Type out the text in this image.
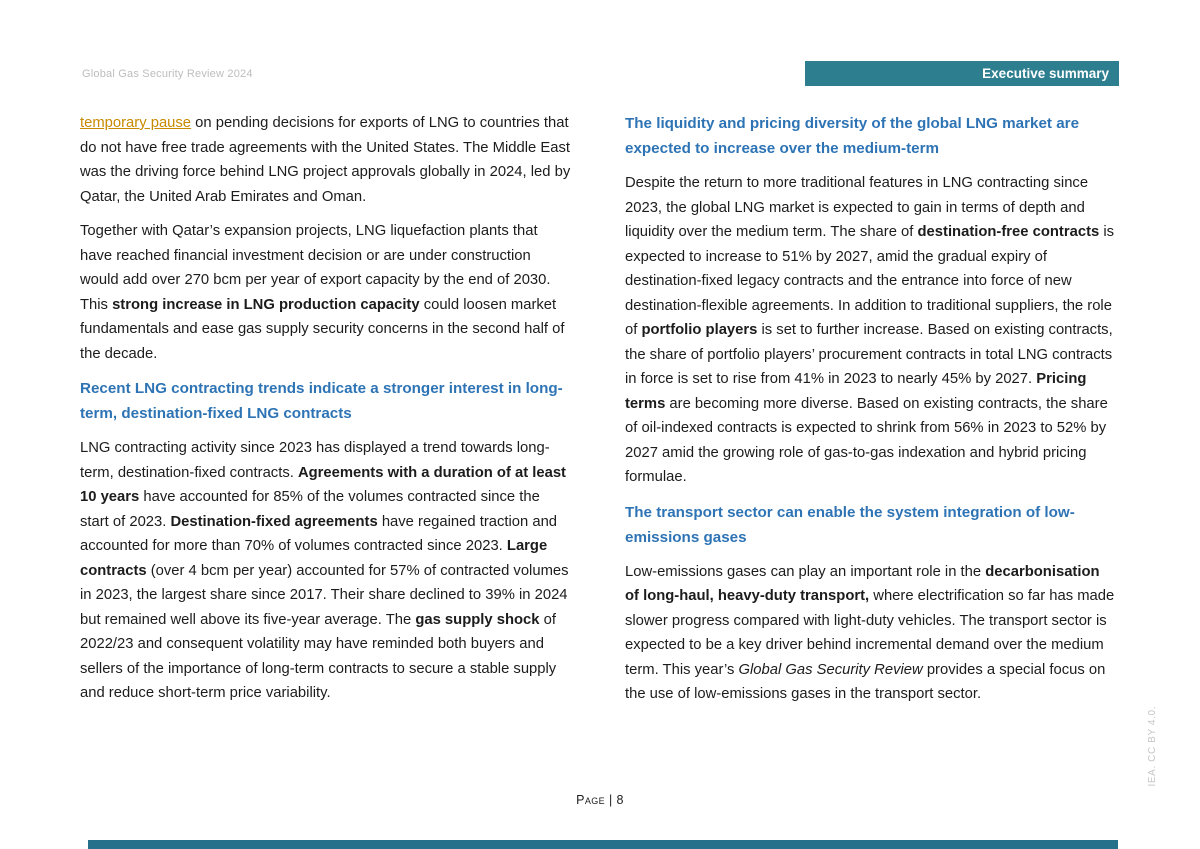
Global Gas Security Review 2024	Executive summary

temporary pause on pending decisions for exports of LNG to countries that do not have free trade agreements with the United States. The Middle East was the driving force behind LNG project approvals globally in 2024, led by Qatar, the United Arab Emirates and Oman.

Together with Qatar’s expansion projects, LNG liquefaction plants that have reached financial investment decision or are under construction would add over 270 bcm per year of export capacity by the end of 2030. This strong increase in LNG production capacity could loosen market fundamentals and ease gas supply security concerns in the second half of the decade.

Recent LNG contracting trends indicate a stronger interest in long-term, destination-fixed LNG contracts

LNG contracting activity since 2023 has displayed a trend towards long-term, destination-fixed contracts. Agreements with a duration of at least 10 years have accounted for 85% of the volumes contracted since the start of 2023. Destination-fixed agreements have regained traction and accounted for more than 70% of volumes contracted since 2023. Large contracts (over 4 bcm per year) accounted for 57% of contracted volumes in 2023, the largest share since 2017. Their share declined to 39% in 2024 but remained well above its five-year average. The gas supply shock of 2022/23 and consequent volatility may have reminded both buyers and sellers of the importance of long-term contracts to secure a stable supply and reduce short-term price variability.

The liquidity and pricing diversity of the global LNG market are expected to increase over the medium-term

Despite the return to more traditional features in LNG contracting since 2023, the global LNG market is expected to gain in terms of depth and liquidity over the medium term. The share of destination-free contracts is expected to increase to 51% by 2027, amid the gradual expiry of destination-fixed legacy contracts and the entrance into force of new destination-flexible agreements. In addition to traditional suppliers, the role of portfolio players is set to further increase. Based on existing contracts, the share of portfolio players’ procurement contracts in total LNG contracts in force is set to rise from 41% in 2023 to nearly 45% by 2027. Pricing terms are becoming more diverse. Based on existing contracts, the share of oil-indexed contracts is expected to shrink from 56% in 2023 to 52% by 2027 amid the growing role of gas-to-gas indexation and hybrid pricing formulae.

The transport sector can enable the system integration of low-emissions gases

Low-emissions gases can play an important role in the decarbonisation of long-haul, heavy-duty transport, where electrification so far has made slower progress compared with light-duty vehicles. The transport sector is expected to be a key driver behind incremental demand over the medium term. This year’s Global Gas Security Review provides a special focus on the use of low-emissions gases in the transport sector.

Page | 8
IEA. CC BY 4.0.
